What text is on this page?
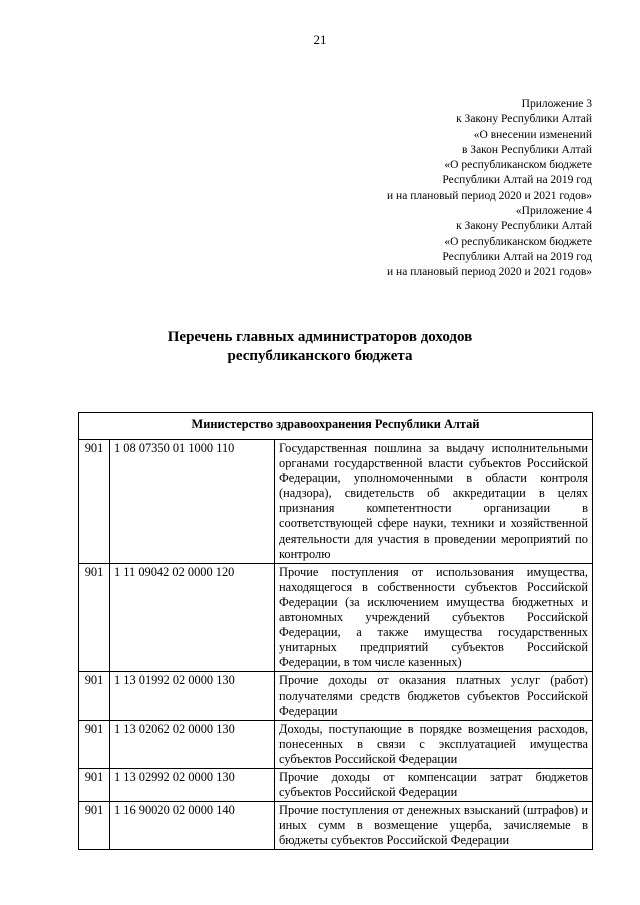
21
Приложение 3
к Закону Республики Алтай
«О внесении изменений
в Закон Республики Алтай
«О республиканском бюджете
Республики Алтай на 2019 год
и на плановый период 2020 и 2021 годов»
«Приложение 4
к Закону Республики Алтай
«О республиканском бюджете
Республики Алтай на 2019 год
и на плановый период 2020 и 2021 годов»
Перечень главных администраторов доходов
республиканского бюджета
Министерство здравоохранения Республики Алтай		
901	1 08 07350 01 1000 110	Государственная пошлина за выдачу исполнительными органами государственной власти субъектов Российской Федерации, уполномоченными в области контроля (надзора), свидетельств об аккредитации в целях признания компетентности организации в соответствующей сфере науки, техники и хозяйственной деятельности для участия в проведении мероприятий по контролю
901	1 11 09042 02 0000 120	Прочие поступления от использования имущества, находящегося в собственности субъектов Российской Федерации (за исключением имущества бюджетных и автономных учреждений субъектов Российской Федерации, а также имущества государственных унитарных предприятий субъектов Российской Федерации, в том числе казенных)
901	1 13 01992 02 0000 130	Прочие доходы от оказания платных услуг (работ) получателями средств бюджетов субъектов Российской Федерации
901	1 13 02062 02 0000 130	Доходы, поступающие в порядке возмещения расходов, понесенных в связи с эксплуатацией имущества субъектов Российской Федерации
901	1 13 02992 02 0000 130	Прочие доходы от компенсации затрат бюджетов субъектов Российской Федерации
901	1 16 90020 02 0000 140	Прочие поступления от денежных взысканий (штрафов) и иных сумм в возмещение ущерба, зачисляемые в бюджеты субъектов Российской Федерации
